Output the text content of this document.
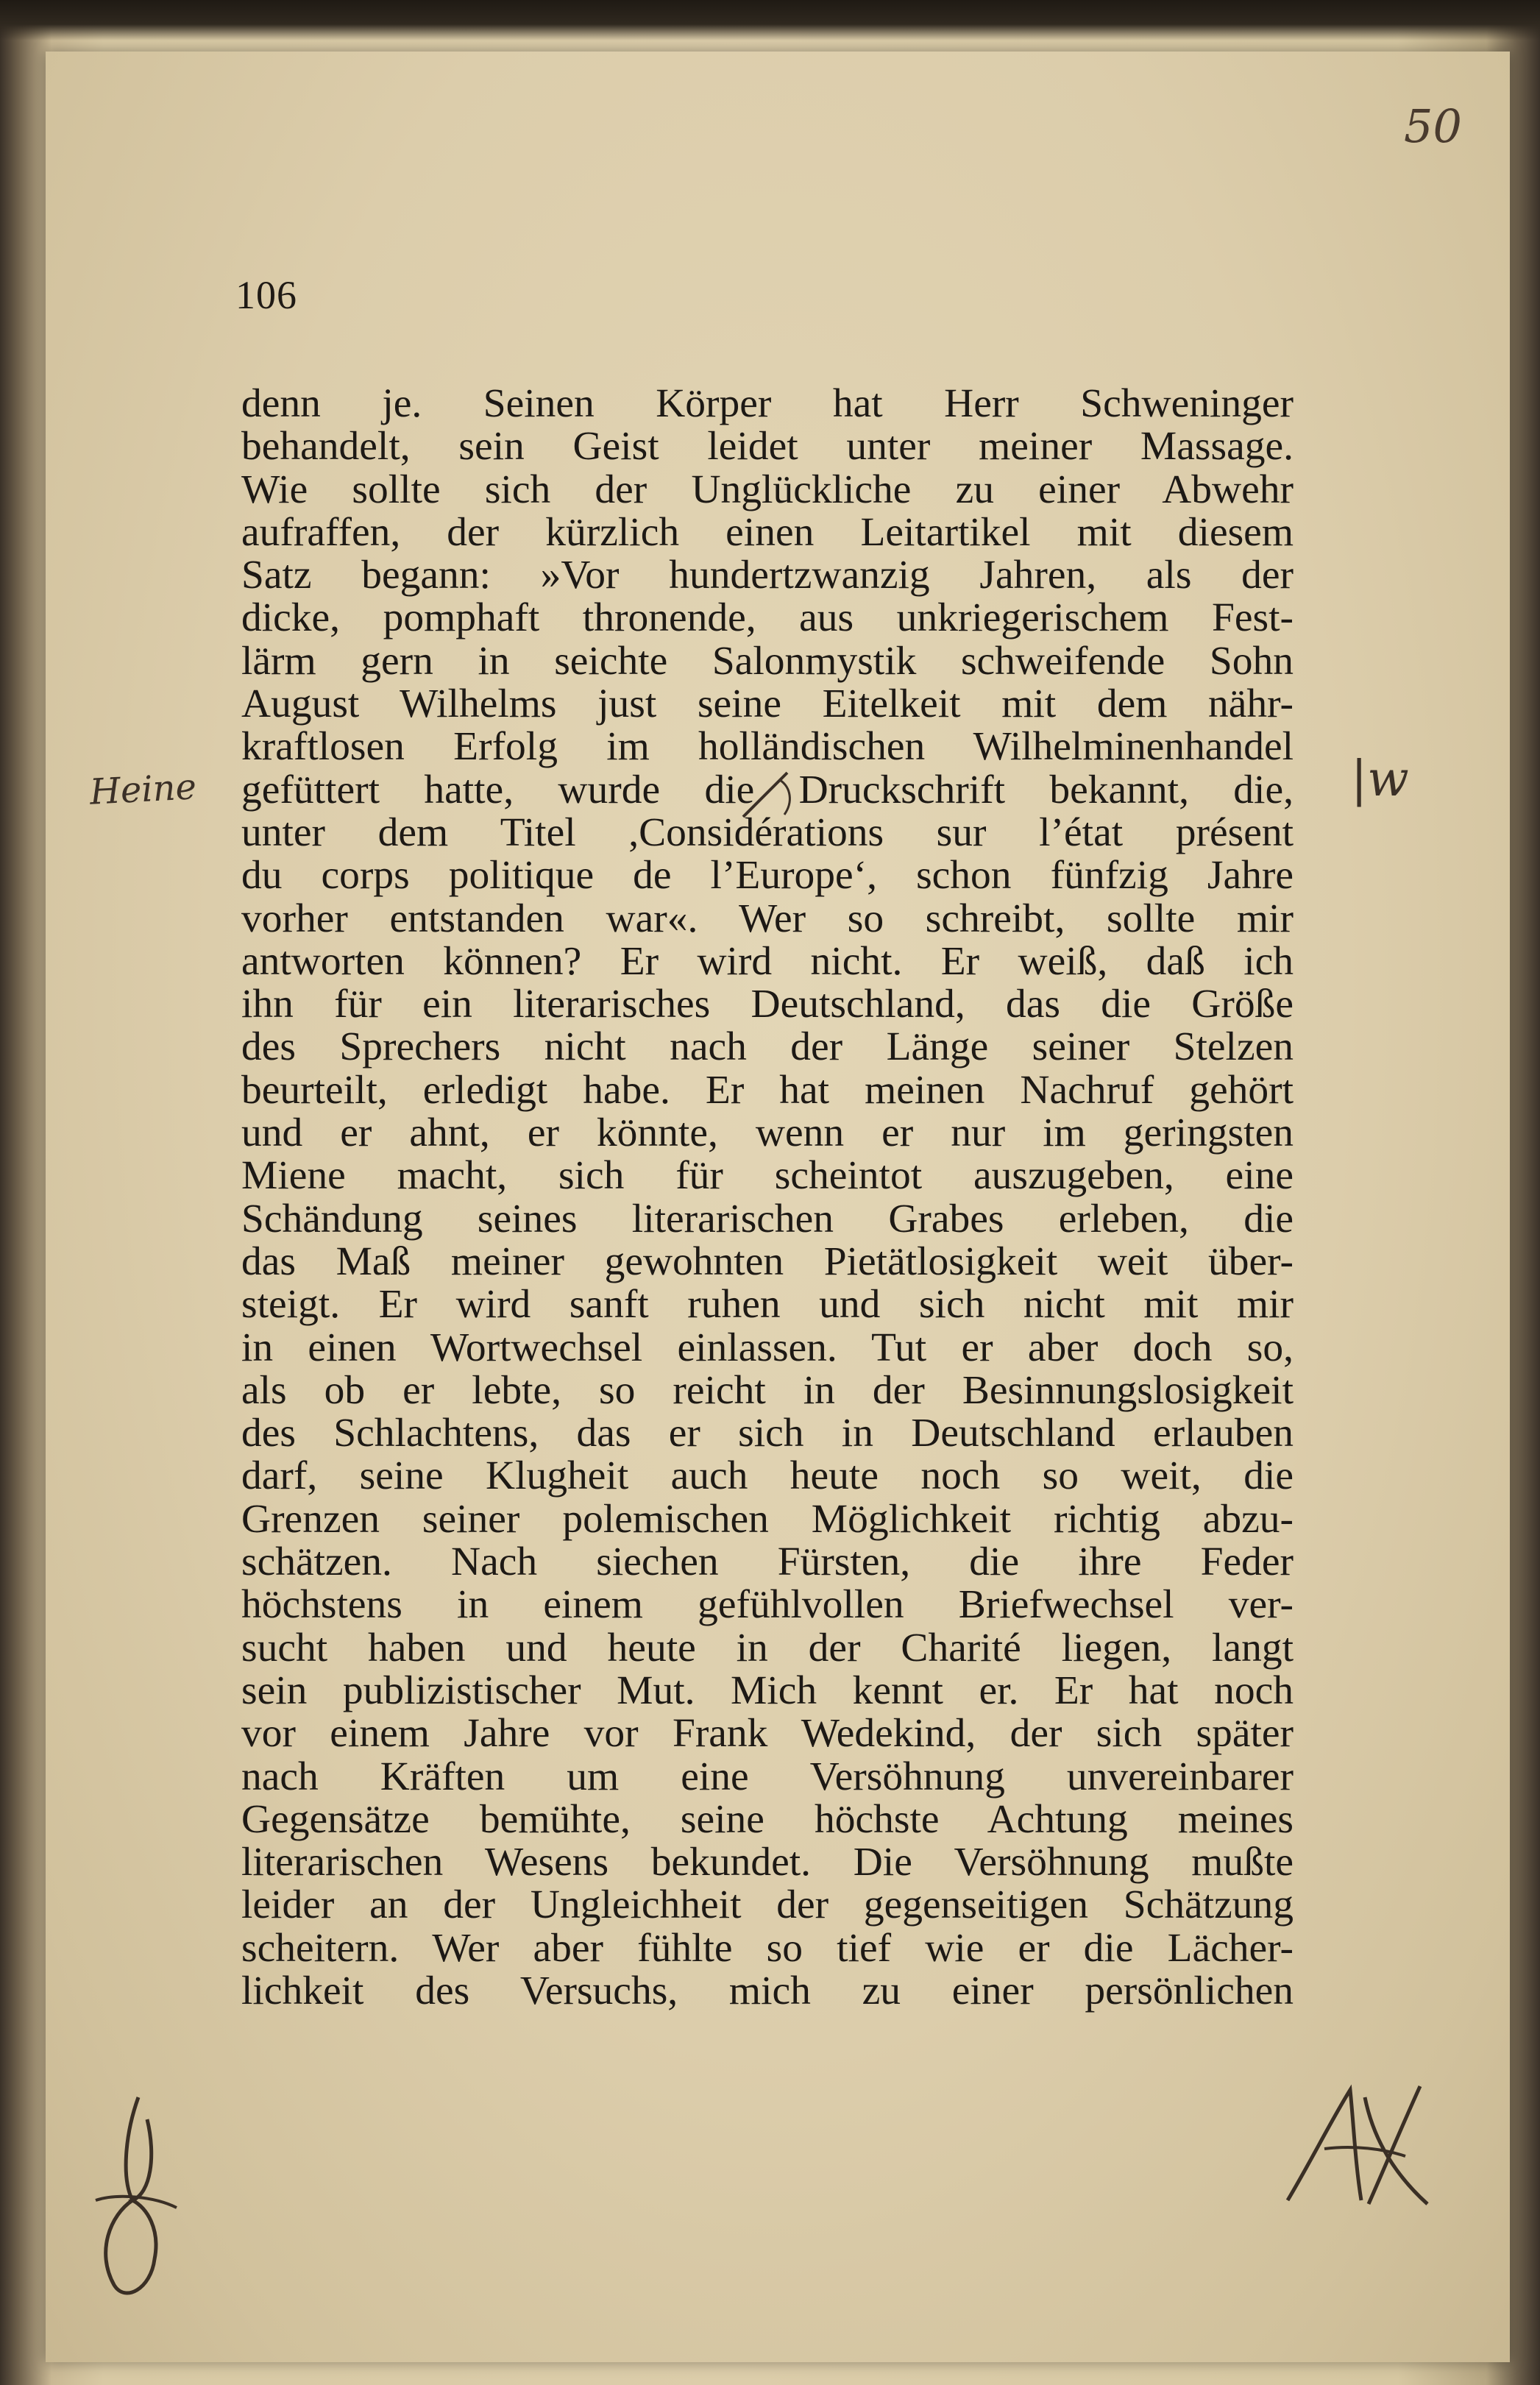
50
106
Heine	|w
denn je. Seinen Körper hat Herr Schweninger
behandelt, sein Geist leidet unter meiner Massage.
Wie sollte sich der Unglückliche zu einer Abwehr
aufraffen, der kürzlich einen Leitartikel mit diesem
Satz begann: »Vor hundertzwanzig Jahren, als der
dicke, pomphaft thronende, aus unkriegerischem Fest-
lärm gern in seichte Salonmystik schweifende Sohn
August Wilhelms just seine Eitelkeit mit dem nähr-
kraftlosen Erfolg im holländischen Wilhelminenhandel
gefüttert hatte, wurde die Druckschrift bekannt, die,
unter dem Titel ,Considérations sur l’état présent
du corps politique de l’Europe‘, schon fünfzig Jahre
vorher entstanden war«. Wer so schreibt, sollte mir
antworten können? Er wird nicht. Er weiß, daß ich
ihn für ein literarisches Deutschland, das die Größe
des Sprechers nicht nach der Länge seiner Stelzen
beurteilt, erledigt habe. Er hat meinen Nachruf gehört
und er ahnt, er könnte, wenn er nur im geringsten
Miene macht, sich für scheintot auszugeben, eine
Schändung seines literarischen Grabes erleben, die
das Maß meiner gewohnten Pietätlosigkeit weit über-
steigt. Er wird sanft ruhen und sich nicht mit mir
in einen Wortwechsel einlassen. Tut er aber doch so,
als ob er lebte, so reicht in der Besinnungslosigkeit
des Schlachtens, das er sich in Deutschland erlauben
darf, seine Klugheit auch heute noch so weit, die
Grenzen seiner polemischen Möglichkeit richtig abzu-
schätzen. Nach siechen Fürsten, die ihre Feder
höchstens in einem gefühlvollen Briefwechsel ver-
sucht haben und heute in der Charité liegen, langt
sein publizistischer Mut. Mich kennt er. Er hat noch
vor einem Jahre vor Frank Wedekind, der sich später
nach Kräften um eine Versöhnung unvereinbarer
Gegensätze bemühte, seine höchste Achtung meines
literarischen Wesens bekundet. Die Versöhnung mußte
leider an der Ungleichheit der gegenseitigen Schätzung
scheitern. Wer aber fühlte so tief wie er die Lächer-
lichkeit des Versuchs, mich zu einer persönlichen
